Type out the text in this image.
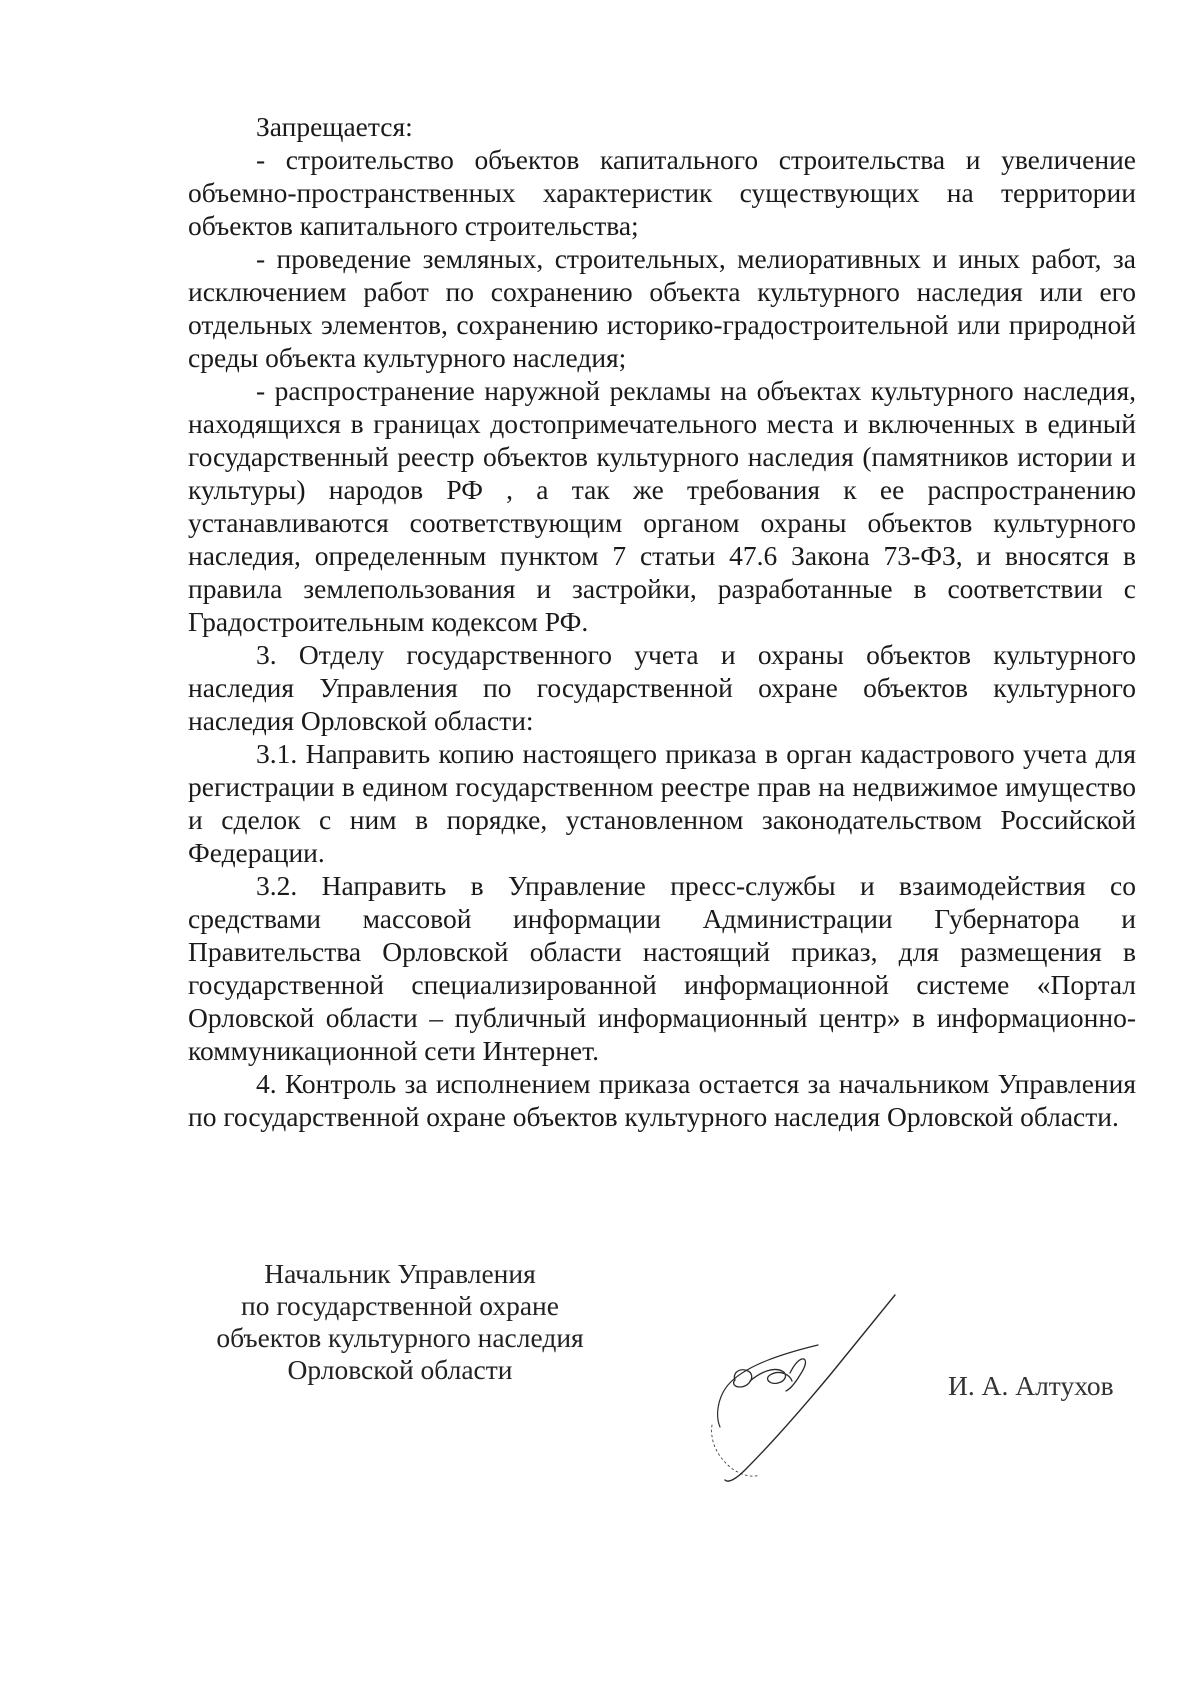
Запрещается:

- строительство объектов капитального строительства и увеличение объемно-пространственных характеристик существующих на территории объектов капитального строительства;

- проведение земляных, строительных, мелиоративных и иных работ, за исключением работ по сохранению объекта культурного наследия или его отдельных элементов, сохранению историко-градостроительной или природной среды объекта культурного наследия;

- распространение наружной рекламы на объектах культурного наследия, находящихся в границах достопримечательного места и включенных в единый государственный реестр объектов культурного наследия (памятников истории и культуры) народов РФ , а так же требования к ее распространению устанавливаются соответствующим органом охраны объектов культурного наследия, определенным пунктом 7 статьи 47.6 Закона 73-ФЗ, и вносятся в правила землепользования и застройки, разработанные в соответствии с Градостроительным кодексом РФ.

3. Отделу государственного учета и охраны объектов культурного наследия Управления по государственной охране объектов культурного наследия Орловской области:

3.1. Направить копию настоящего приказа в орган кадастрового учета для регистрации в едином государственном реестре прав на недвижимое имущество и сделок с ним в порядке, установленном законодательством Российской Федерации.

3.2. Направить в Управление пресс-службы и взаимодействия со средствами массовой информации Администрации Губернатора и Правительства Орловской области настоящий приказ, для размещения в государственной специализированной информационной системе «Портал Орловской области – публичный информационный центр» в информационно-коммуникационной сети Интернет.

4. Контроль за исполнением приказа остается за начальником Управления по государственной охране объектов культурного наследия Орловской области.

Начальник Управления
по государственной охране
объектов культурного наследия
Орловской области
И. А. Алтухов
